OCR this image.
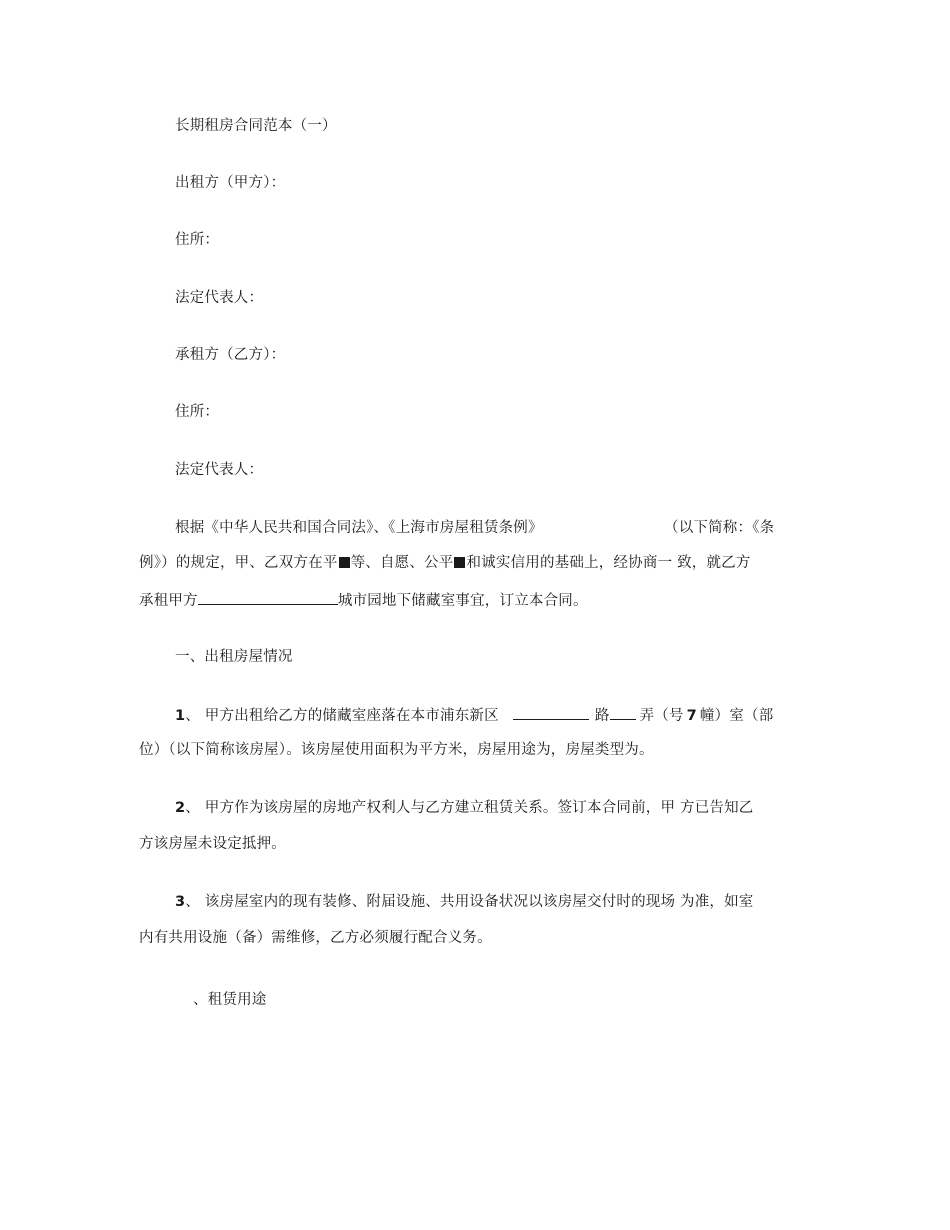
长期租房合同范本（一）
出租方（甲方）：
住所：
法定代表人：
承租方（乙方）：
住所：
法定代表人：
根据《中华人民共和国合同法》、《上海市房屋租赁条例》	（以下简称：《条
例》）的规定，甲、乙双方在平 等、自愿、公平 和诚实信用的基础上，经协商一 致，就乙方
承租甲方	城市园地下储藏室事宜，订立本合同。
一、出租房屋情况
1、 甲方出租给乙方的储藏室座落在本市浦东新区	路 弄（号 7 幢）室（部
位）（以下简称该房屋）。该房屋使用面积为平方米，房屋用途为，房屋类型为。
2、 甲方作为该房屋的房地产权利人与乙方建立租赁关系。签订本合同前，甲 方已告知乙
方该房屋未设定抵押。
3、 该房屋室内的现有装修、附届设施、共用设备状况以该房屋交付时的现场 为准，如室
内有共用设施（备）需维修，乙方必须履行配合义务。
、租赁用途
